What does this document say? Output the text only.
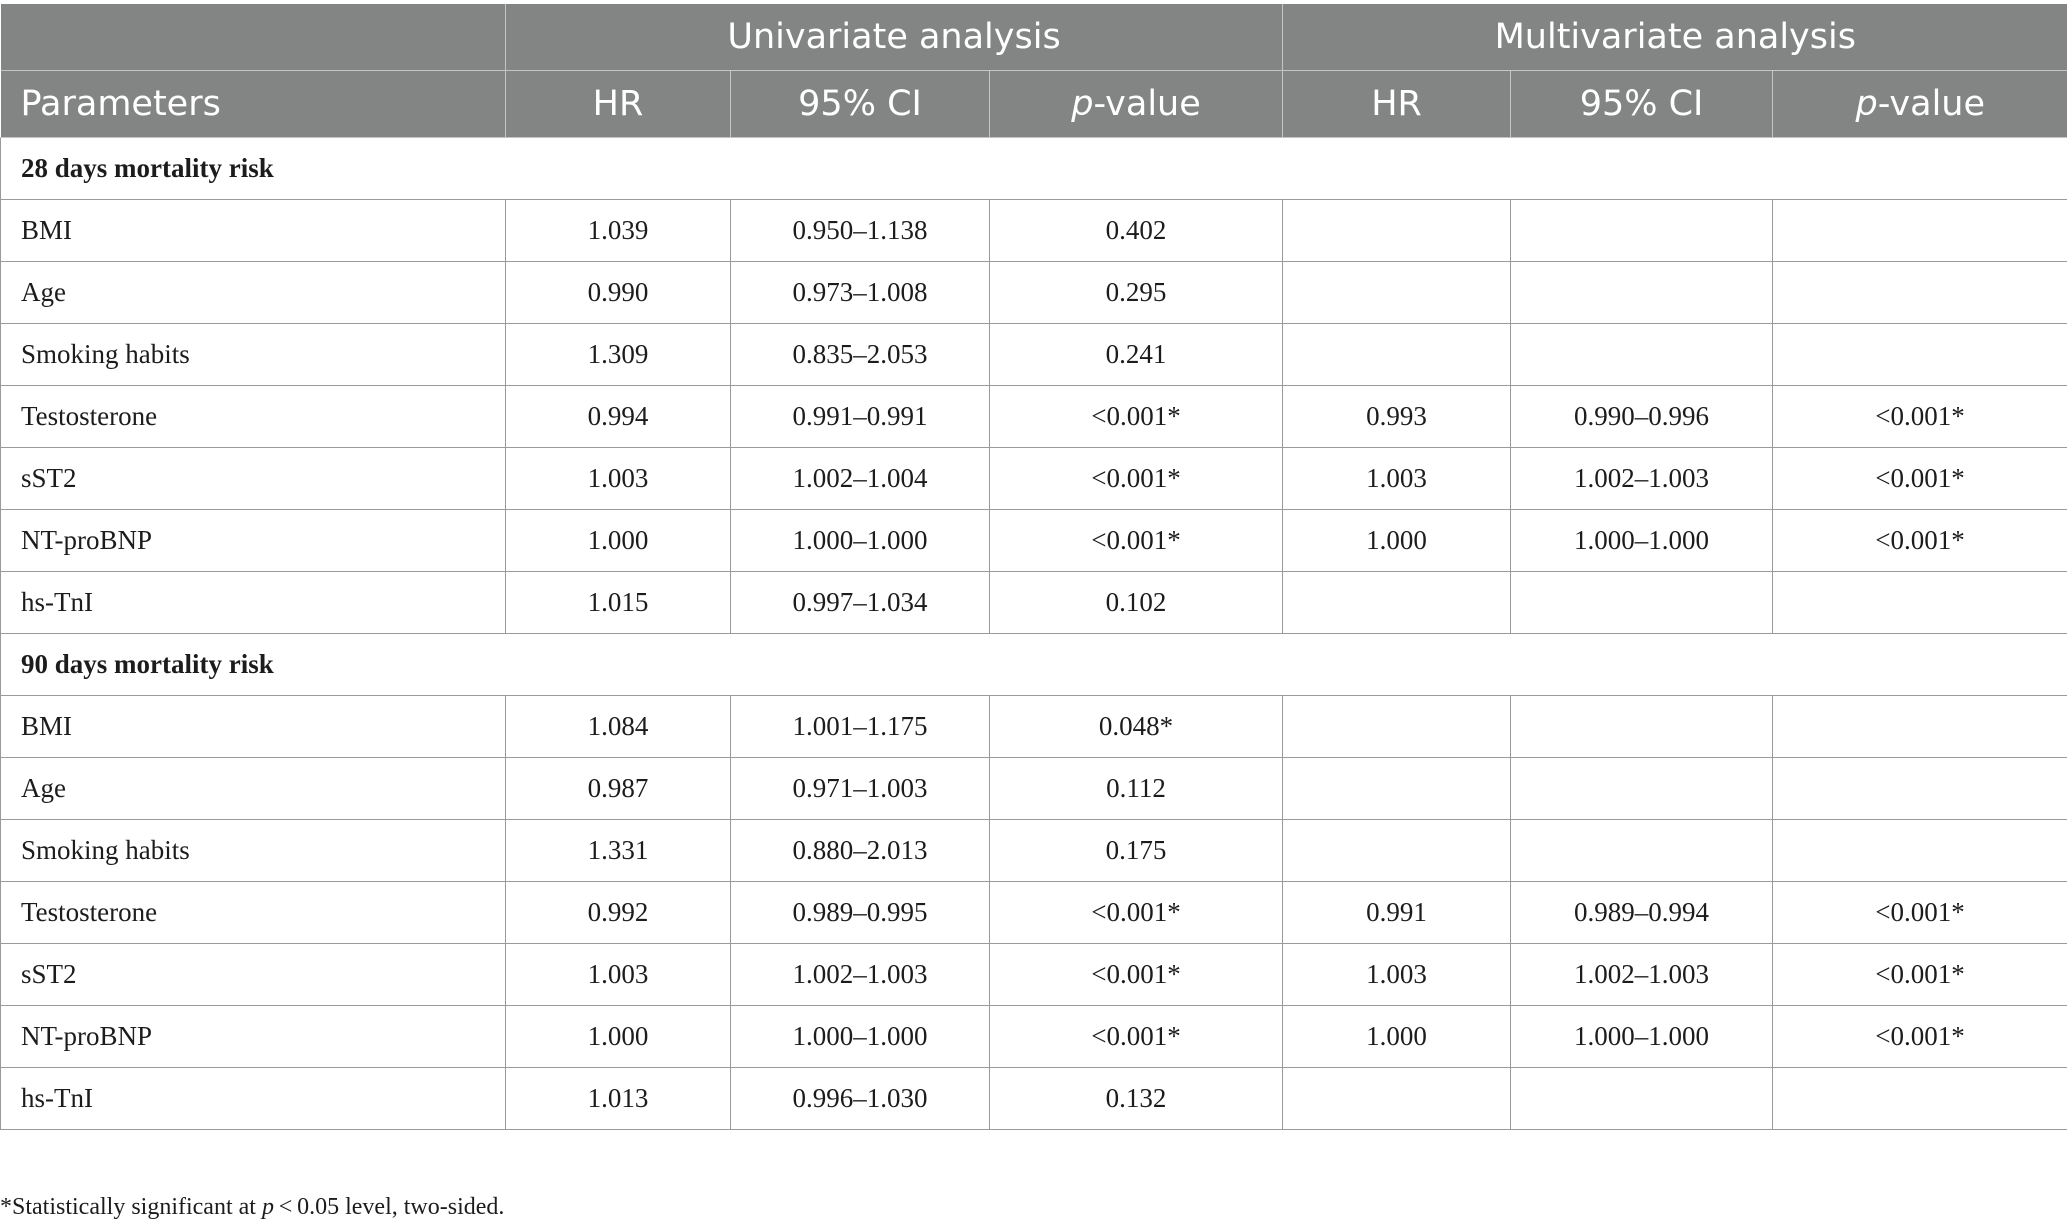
	Univariate analysis			Multivariate analysis		
Parameters	HR	95% CI	p-value	HR	95% CI	p-value
28 days mortality risk						
BMI	1.039	0.950–1.138	0.402			
Age	0.990	0.973–1.008	0.295			
Smoking habits	1.309	0.835–2.053	0.241			
Testosterone	0.994	0.991–0.991	<0.001*	0.993	0.990–0.996	<0.001*
sST2	1.003	1.002–1.004	<0.001*	1.003	1.002–1.003	<0.001*
NT-proBNP	1.000	1.000–1.000	<0.001*	1.000	1.000–1.000	<0.001*
hs-TnI	1.015	0.997–1.034	0.102			
90 days mortality risk						
BMI	1.084	1.001–1.175	0.048*			
Age	0.987	0.971–1.003	0.112			
Smoking habits	1.331	0.880–2.013	0.175			
Testosterone	0.992	0.989–0.995	<0.001*	0.991	0.989–0.994	<0.001*
sST2	1.003	1.002–1.003	<0.001*	1.003	1.002–1.003	<0.001*
NT-proBNP	1.000	1.000–1.000	<0.001*	1.000	1.000–1.000	<0.001*
hs-TnI	1.013	0.996–1.030	0.132			

*Statistically significant at p < 0.05 level, two-sided.
